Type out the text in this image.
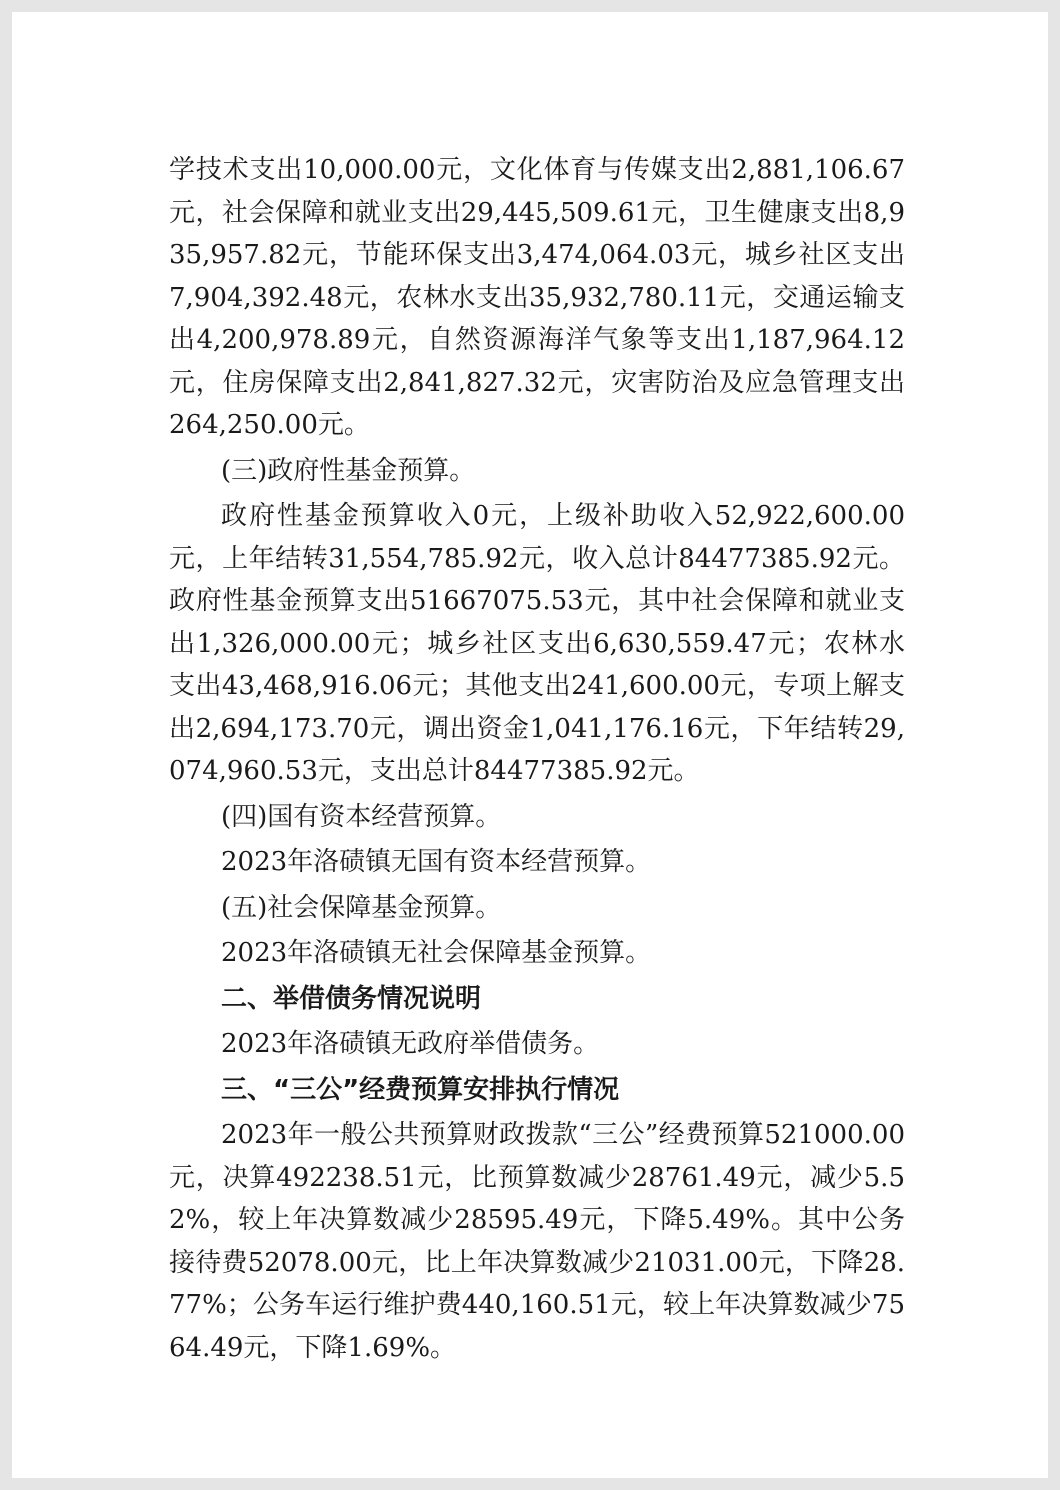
学技术支出10,000.00元，文化体育与传媒支出2,881,106.67元，社会保障和就业支出29,445,509.61元，卫生健康支出8,935,957.82元，节能环保支出3,474,064.03元，城乡社区支出7,904,392.48元，农林水支出35,932,780.11元，交通运输支出4,200,978.89元，自然资源海洋气象等支出1,187,964.12元，住房保障支出2,841,827.32元，灾害防治及应急管理支出264,250.00元。

(三)政府性基金预算。

政府性基金预算收入0元，上级补助收入52,922,600.00元，上年结转31,554,785.92元，收入总计84477385.92元。政府性基金预算支出51667075.53元，其中社会保障和就业支出1,326,000.00元；城乡社区支出6,630,559.47元；农林水支出43,468,916.06元；其他支出241,600.00元，专项上解支出2,694,173.70元，调出资金1,041,176.16元，下年结转29,074,960.53元，支出总计84477385.92元。

(四)国有资本经营预算。

2023年洛碛镇无国有资本经营预算。

(五)社会保障基金预算。

2023年洛碛镇无社会保障基金预算。

二、举借债务情况说明

2023年洛碛镇无政府举借债务。

三、“三公”经费预算安排执行情况

2023年一般公共预算财政拨款“三公”经费预算521000.00元，决算492238.51元，比预算数减少28761.49元，减少5.52%，较上年决算数减少28595.49元，下降5.49%。其中公务接待费52078.00元，比上年决算数减少21031.00元，下降28.77%；公务车运行维护费440,160.51元，较上年决算数减少7564.49元，下降1.69%。
